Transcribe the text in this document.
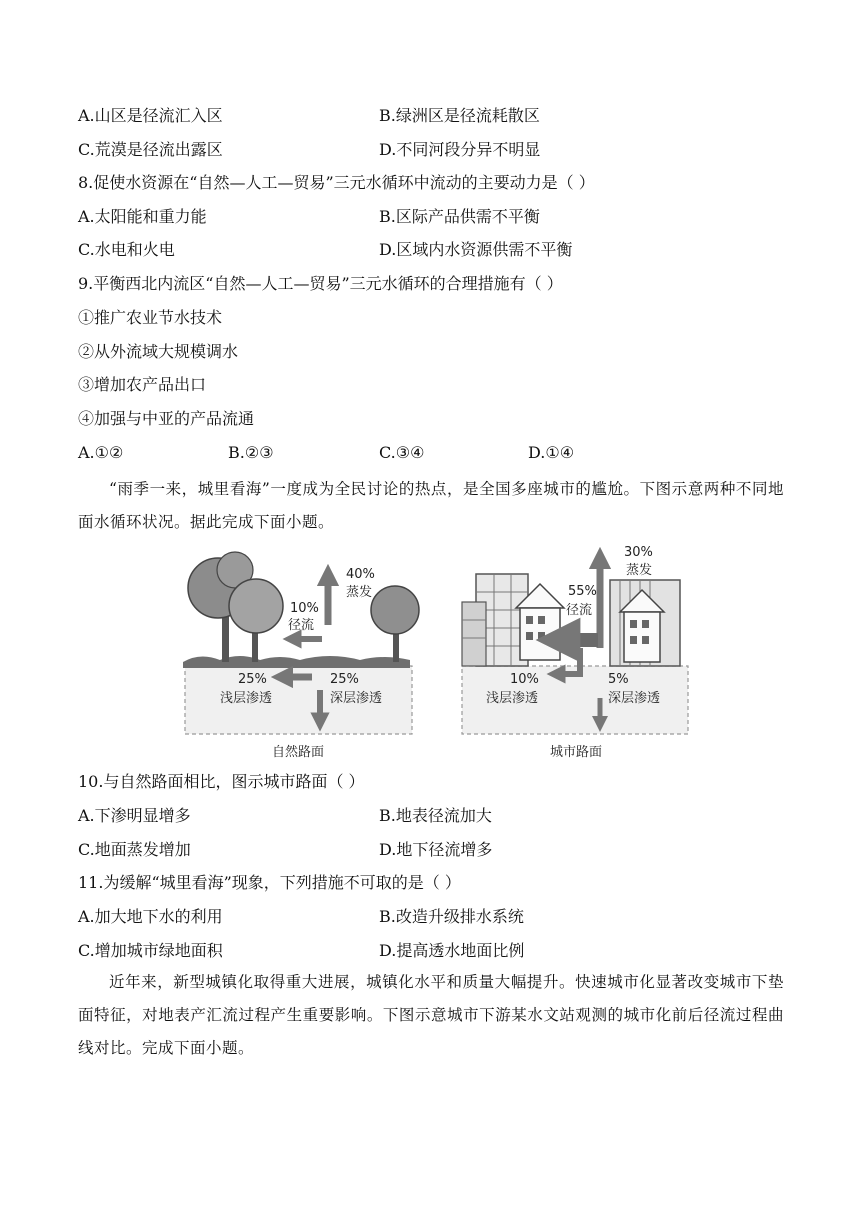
A.山区是径流汇入区	B.绿洲区是径流耗散区
C.荒漠是径流出露区	D.不同河段分异不明显
8.促使水资源在“自然—人工—贸易”三元水循环中流动的主要动力是（ ）
A.太阳能和重力能	B.区际产品供需不平衡
C.水电和火电	D.区域内水资源供需不平衡
9.平衡西北内流区“自然—人工—贸易”三元水循环的合理措施有（ ）
①推广农业节水技术
②从外流域大规模调水
③增加农产品出口
④加强与中亚的产品流通
A.①②	B.②③	C.③④	D.①④
“雨季一来，城里看海”一度成为全民讨论的热点，是全国多座城市的尴尬。下图示意两种不同地面水循环状况。据此完成下面小题。
40%
蒸发
10%
径流
25%
浅层渗透
25%
深层渗透
自然路面
30%
蒸发
55%
径流
10%
浅层渗透
5%
深层渗透
城市路面
10.与自然路面相比，图示城市路面（ ）
A.下渗明显增多	B.地表径流加大
C.地面蒸发增加	D.地下径流增多
11.为缓解“城里看海”现象，下列措施不可取的是（ ）
A.加大地下水的利用	B.改造升级排水系统
C.增加城市绿地面积	D.提高透水地面比例
近年来，新型城镇化取得重大进展，城镇化水平和质量大幅提升。快速城市化显著改变城市下垫面特征，对地表产汇流过程产生重要影响。下图示意城市下游某水文站观测的城市化前后径流过程曲线对比。完成下面小题。
